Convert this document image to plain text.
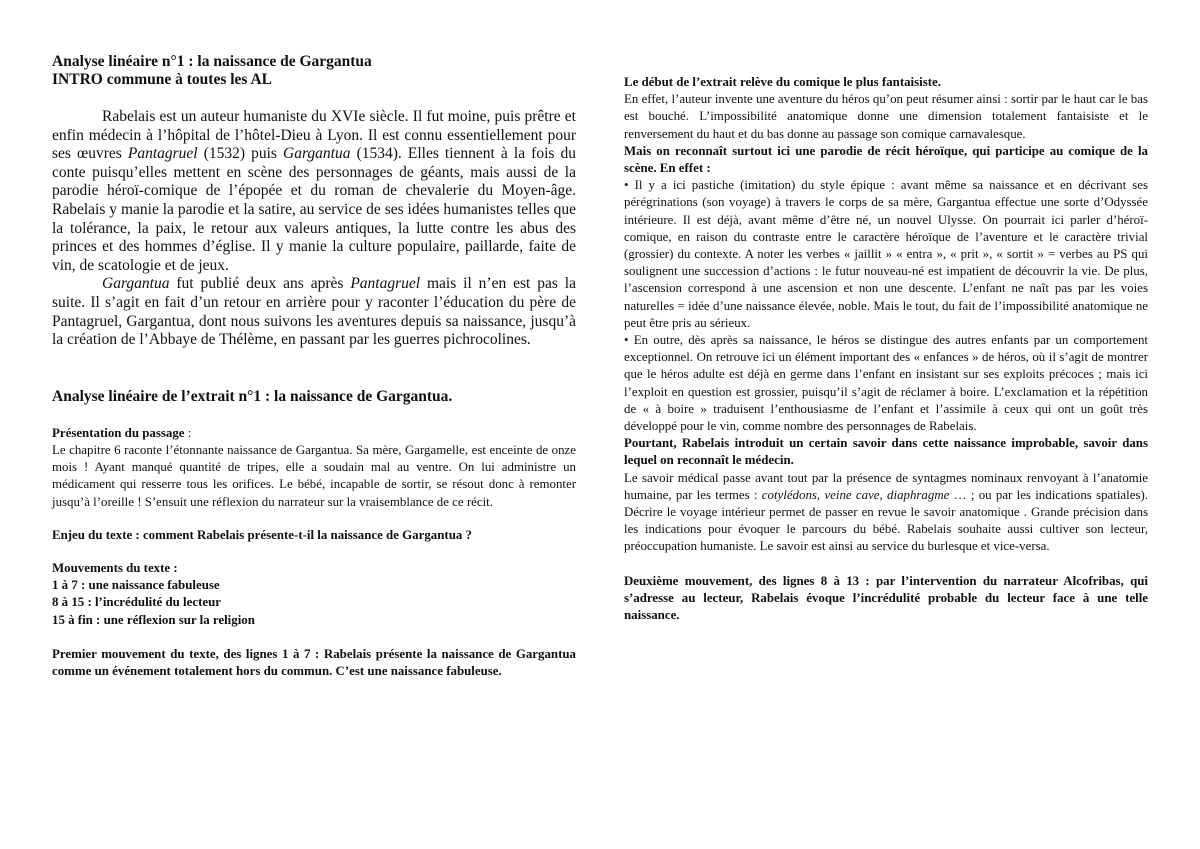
Analyse linéaire n°1 : la naissance de Gargantua

INTRO commune à toutes les AL

Rabelais est un auteur humaniste du XVIe siècle. Il fut moine, puis prêtre et enfin médecin à l’hôpital de l’hôtel-Dieu à Lyon. Il est connu essentiellement pour ses œuvres Pantagruel (1532) puis Gargantua (1534). Elles tiennent à la fois du conte puisqu’elles mettent en scène des personnages de géants, mais aussi de la parodie héroï-comique de l’épopée et du roman de chevalerie du Moyen-âge. Rabelais y manie la parodie et la satire, au service de ses idées humanistes telles que la tolérance, la paix, le retour aux valeurs antiques, la lutte contre les abus des princes et des hommes d’église. Il y manie la culture populaire, paillarde, faite de vin, de scatologie et de jeux.

Gargantua fut publié deux ans après Pantagruel mais il n’en est pas la suite. Il s’agit en fait d’un retour en arrière pour y raconter l’éducation du père de Pantagruel, Gargantua, dont nous suivons les aventures depuis sa naissance, jusqu’à la création de l’Abbaye de Thélème, en passant par les guerres pichrocolines.

Analyse linéaire de l’extrait n°1 : la naissance de Gargantua.

Présentation du passage :

Le chapitre 6 raconte l’étonnante naissance de Gargantua. Sa mère, Gargamelle, est enceinte de onze mois ! Ayant manqué quantité de tripes, elle a soudain mal au ventre. On lui administre un médicament qui resserre tous les orifices. Le bébé, incapable de sortir, se résout donc à remonter jusqu’à l’oreille ! S’ensuit une réflexion du narrateur sur la vraisemblance de ce récit.

Enjeu du texte : comment Rabelais présente-t-il la naissance de Gargantua ?

Mouvements du texte :

1 à 7 : une naissance fabuleuse
8 à 15 : l’incrédulité du lecteur
15 à fin : une réflexion sur la religion

Premier mouvement du texte, des lignes 1 à 7 : Rabelais présente la naissance de Gargantua comme un événement totalement hors du commun. C’est une naissance fabuleuse.

Le début de l’extrait relève du comique le plus fantaisiste.

En effet, l’auteur invente une aventure du héros qu’on peut résumer ainsi : sortir par le haut car le bas est bouché. L’impossibilité anatomique donne une dimension totalement fantaisiste et le renversement du haut et du bas donne au passage son comique carnavalesque.

Mais on reconnaît surtout ici une parodie de récit héroïque, qui participe au comique de la scène. En effet :

• Il y a ici pastiche (imitation) du style épique : avant même sa naissance et en décrivant ses pérégrinations (son voyage) à travers le corps de sa mère, Gargantua effectue une sorte d’Odyssée intérieure. Il est déjà, avant même d’être né, un nouvel Ulysse. On pourrait ici parler d’héroï-comique, en raison du contraste entre le caractère héroïque de l’aventure et le caractère trivial (grossier) du contexte. A noter les verbes « jaillit » « entra », « prit », « sortit » = verbes au PS qui soulignent une succession d’actions : le futur nouveau-né est impatient de découvrir la vie. De plus, l’ascension correspond à une ascension et non une descente. L’enfant ne naît pas par les voies naturelles = idée d’une naissance élevée, noble. Mais le tout, du fait de l’impossibilité anatomique ne peut être pris au sérieux.

• En outre, dès après sa naissance, le héros se distingue des autres enfants par un comportement exceptionnel. On retrouve ici un élément important des « enfances » de héros, où il s’agit de montrer que le héros adulte est déjà en germe dans l’enfant en insistant sur ses exploits précoces ; mais ici l’exploit en question est grossier, puisqu’il s’agit de réclamer à boire. L’exclamation et la répétition de « à boire » traduisent l’enthousiasme de l’enfant et l’assimile à ceux qui ont un goût très développé pour le vin, comme nombre des personnages de Rabelais.

Pourtant, Rabelais introduit un certain savoir dans cette naissance improbable, savoir dans lequel on reconnaît le médecin.

Le savoir médical passe avant tout par la présence de syntagmes nominaux renvoyant à l’anatomie humaine, par les termes : cotylédons, veine cave, diaphragme … ; ou par les indications spatiales). Décrire le voyage intérieur permet de passer en revue le savoir anatomique . Grande précision dans les indications pour évoquer le parcours du bébé. Rabelais souhaite aussi cultiver son lecteur, préoccupation humaniste. Le savoir est ainsi au service du burlesque et vice-versa.

Deuxième mouvement, des lignes 8 à 13 : par l’intervention du narrateur Alcofribas, qui s’adresse au lecteur, Rabelais évoque l’incrédulité probable du lecteur face à une telle naissance.
